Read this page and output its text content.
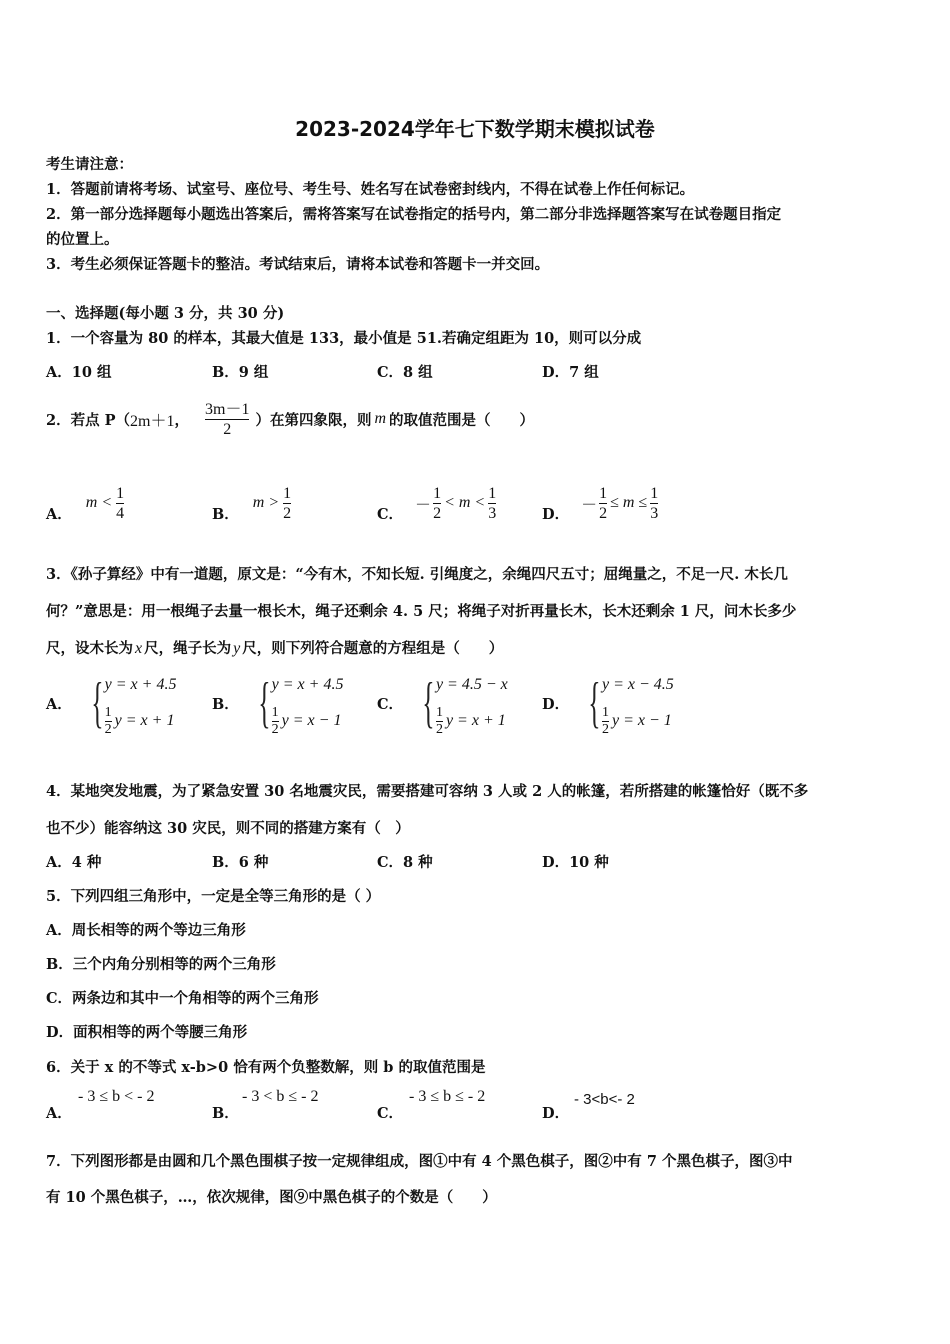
2023-2024学年七下数学期末模拟试卷
考生请注意：
1．答题前请将考场、试室号、座位号、考生号、姓名写在试卷密封线内，不得在试卷上作任何标记。
2．第一部分选择题每小题选出答案后，需将答案写在试卷指定的括号内，第二部分非选择题答案写在试卷题目指定
的位置上。
3．考生必须保证答题卡的整洁。考试结束后，请将本试卷和答题卡一并交回。
一、选择题(每小题 3 分，共 30 分)
1．一个容量为 80 的样本，其最大值是 133，最小值是 51.若确定组距为 10，则可以分成
A．10 组	B．9 组	C．8 组	D．7 组
2．若点 P（ 2m＋1 ， $\frac{3m-1}{2}$ ）在第四象限，则 m 的取值范围是（　　）
A．
$m < \frac{1}{4}$	B．
$m > \frac{1}{2}$	C．
－ $\frac{1}{2} < m < \frac{1}{3}$	D．
－ $\frac{1}{2} \le m \le \frac{1}{3}$
3．《孙子算经》中有一道题，原文是：“今有木，不知长短. 引绳度之，余绳四尺五寸；屈绳量之，不足一尺. 木长几
何？”意思是：用一根绳子去量一根长木，绳子还剩余 4. 5 尺；将绳子对折再量长木，长木还剩余 1 尺，问木长多少
尺，设木长为 x 尺，绳子长为 y 尺，则下列符合题意的方程组是（　　）
A． { y = x + 4.5
$\frac{1}{2}$ y = x + 1
B． { y = x + 4.5
$\frac{1}{2}$ y = x − 1
C． { y = 4.5 − x
$\frac{1}{2}$ y = x + 1
D． { y = x − 4.5
$\frac{1}{2}$ y = x − 1
4．某地突发地震，为了紧急安置 30 名地震灾民，需要搭建可容纳 3 人或 2 人的帐篷，若所搭建的帐篷恰好（既不多
也不少）能容纳这 30 灾民，则不同的搭建方案有（　）
A．4 种	B．6 种	C．8 种	D．10 种
5．下列四组三角形中，一定是全等三角形的是（ ）
A．周长相等的两个等边三角形
B．三个内角分别相等的两个三角形
C．两条边和其中一个角相等的两个三角形
D．面积相等的两个等腰三角形
6．关于 x 的不等式 x-b>0 恰有两个负整数解，则 b 的取值范围是
A．
- 3 ≤ b < - 2
B．
- 3 < b ≤ - 2
C．
- 3 ≤ b ≤ - 2
D．
- 3<b<- 2
7．下列图形都是由圆和几个黑色围棋子按一定规律组成，图①中有 4 个黑色棋子，图②中有 7 个黑色棋子，图③中
有 10 个黑色棋子，…，依次规律，图⑨中黑色棋子的个数是（　　）
